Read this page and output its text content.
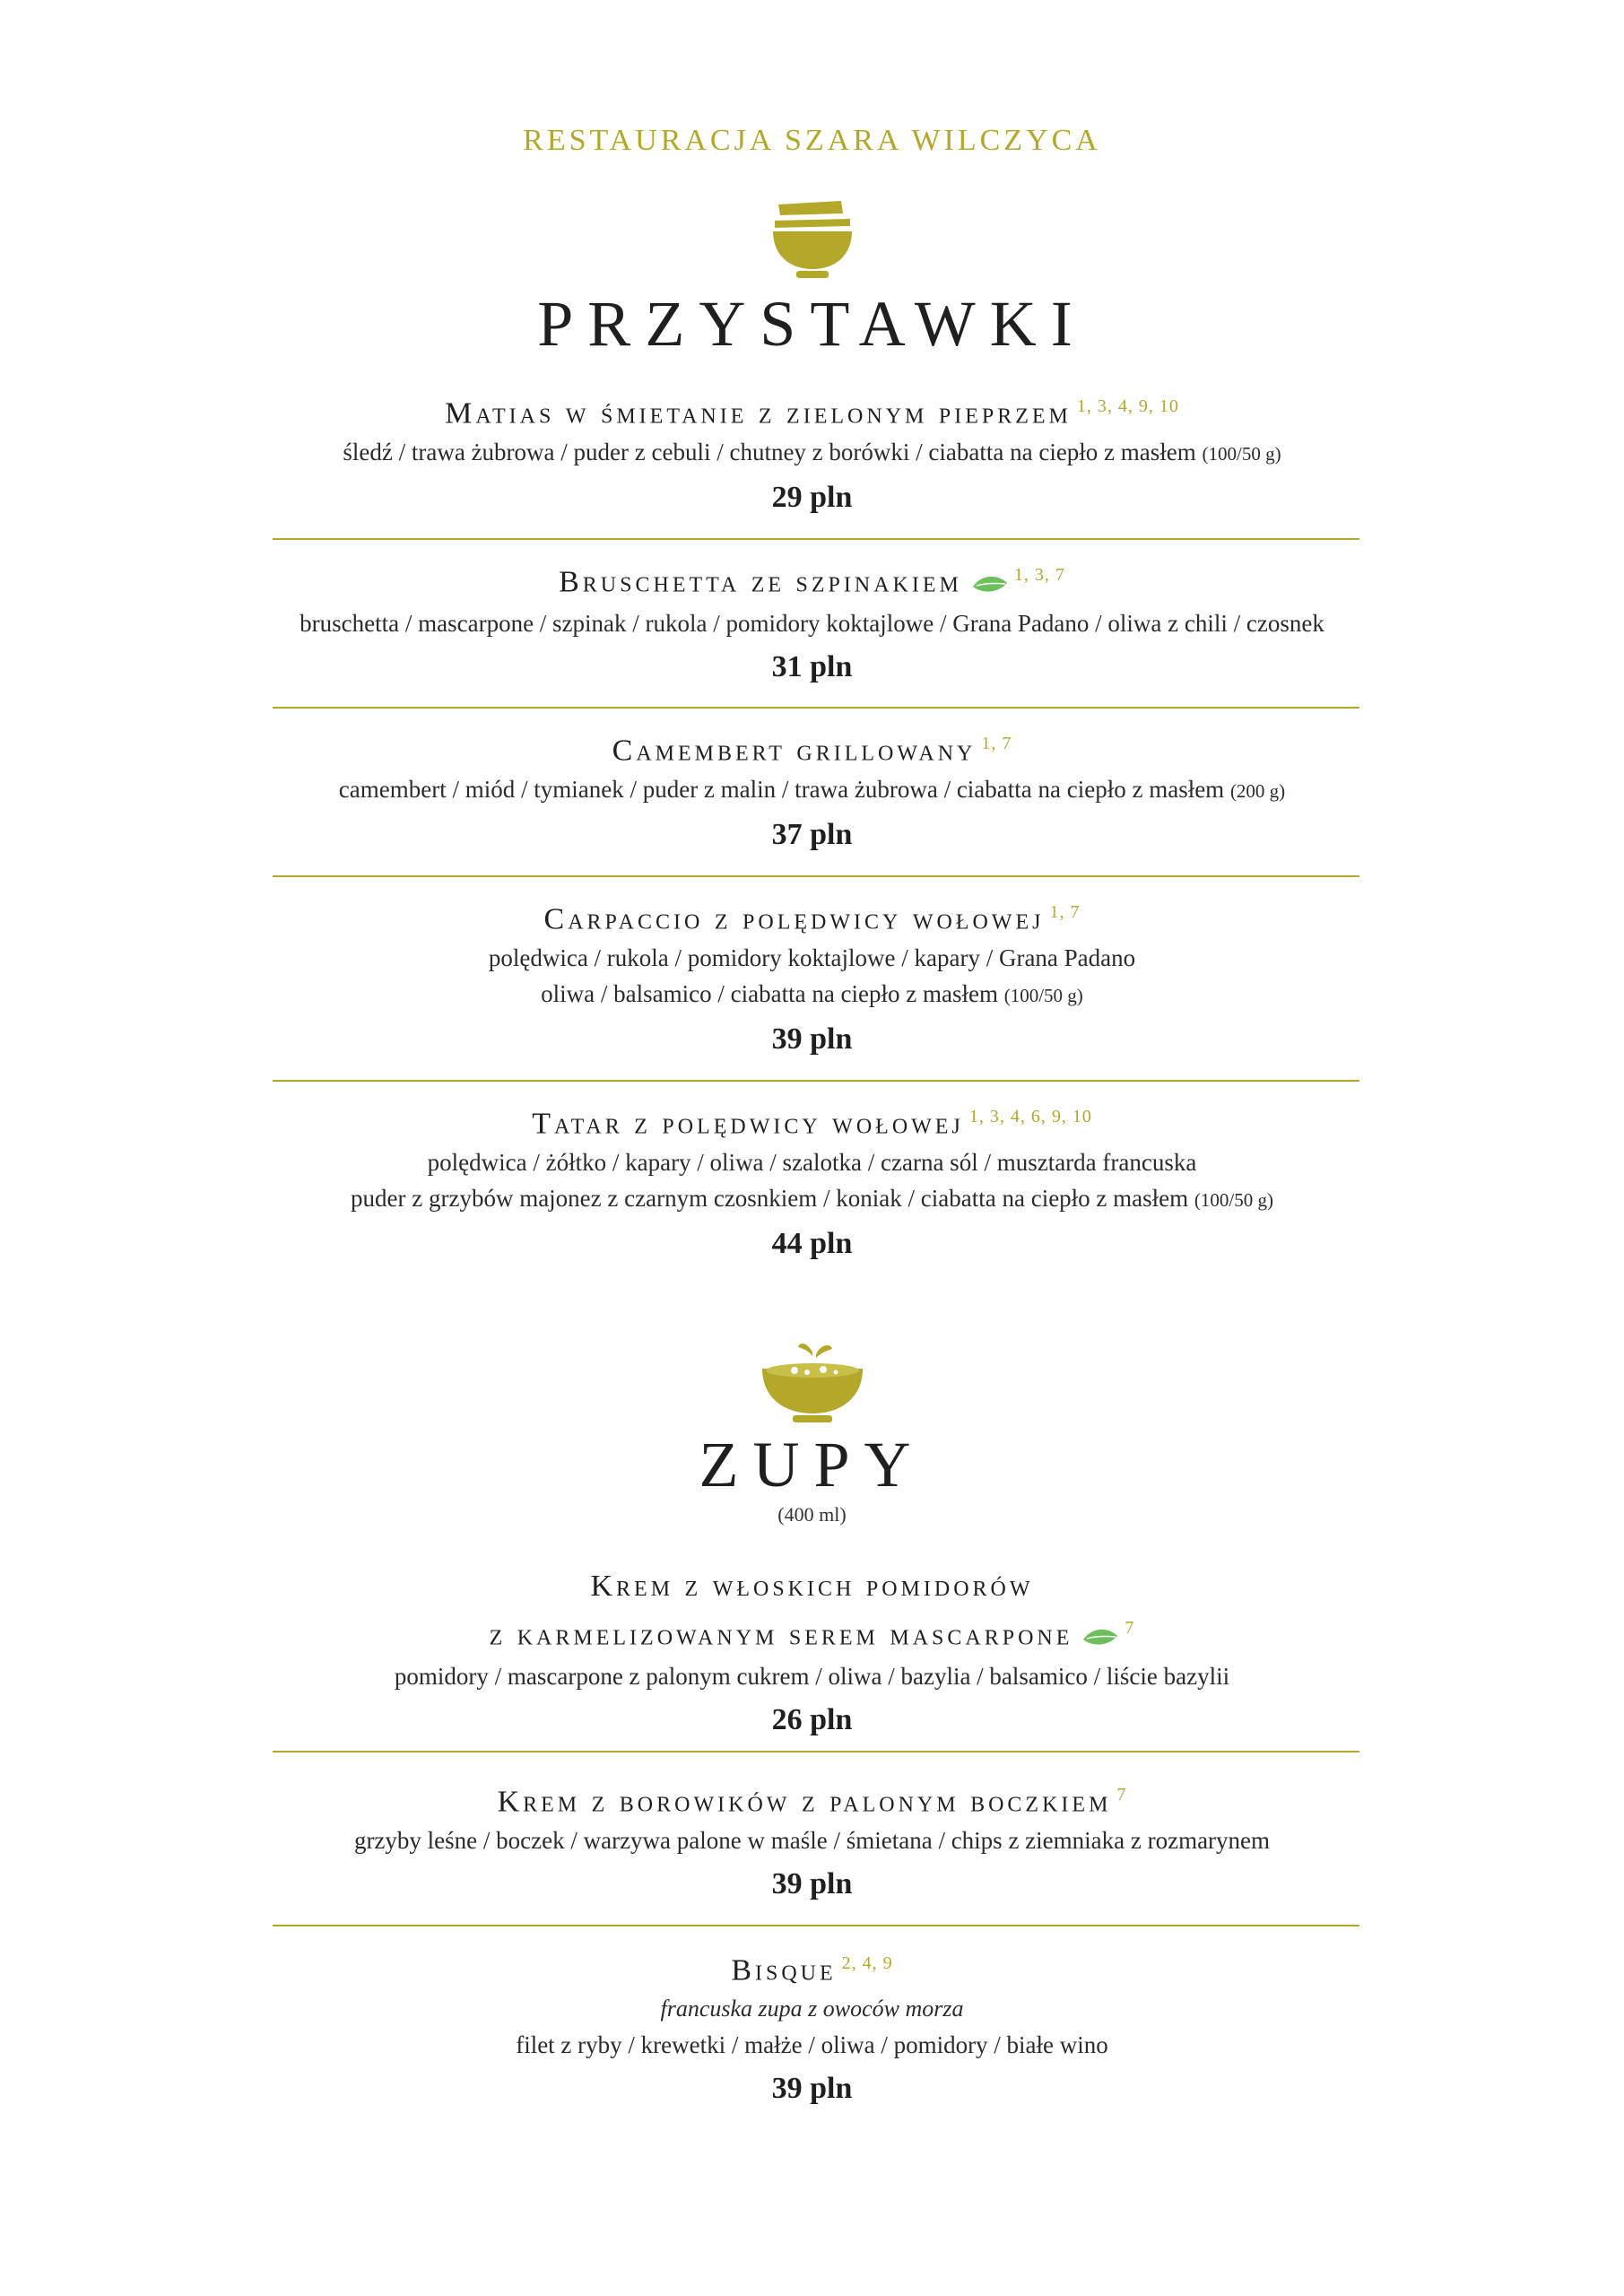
RESTAURACJA SZARA WILCZYCA
PRZYSTAWKI
Matias w śmietanie z zielonym pieprzem $^{1, 3, 4, 9, 10}$
śledź / trawa żubrowa / puder z cebuli / chutney z borówki / ciabatta na ciepło z masłem (100/50 g)
29 pln
Bruschetta ze szpinakiem	$^{1, 3, 7}$
bruschetta / mascarpone / szpinak / rukola / pomidory koktajlowe / Grana Padano / oliwa z chili / czosnek
31 pln
Camembert grillowany $^{1, 7}$
camembert / miód / tymianek / puder z malin / trawa żubrowa / ciabatta na ciepło z masłem (200 g)
37 pln
Carpaccio z polędwicy wołowej $^{1, 7}$
polędwica / rukola / pomidory koktajlowe / kapary / Grana Padano
oliwa / balsamico / ciabatta na ciepło z masłem (100/50 g)
39 pln
Tatar z polędwicy wołowej $^{1, 3, 4, 6, 9, 10}$
polędwica / żółtko / kapary / oliwa / szalotka / czarna sól / musztarda francuska
puder z grzybów majonez z czarnym czosnkiem / koniak / ciabatta na ciepło z masłem (100/50 g)
44 pln
ZUPY
(400 ml)
Krem z włoskich pomidorów
z karmelizowanym serem mascarpone	$^7$
pomidory / mascarpone z palonym cukrem / oliwa / bazylia / balsamico / liście bazylii
26 pln
Krem z borowików z palonym boczkiem $^7$
grzyby leśne / boczek / warzywa palone w maśle / śmietana / chips z ziemniaka z rozmarynem
39 pln
Bisque $^{2, 4, 9}$
francuska zupa z owoców morza
filet z ryby / krewetki / małże / oliwa / pomidory / białe wino
39 pln
